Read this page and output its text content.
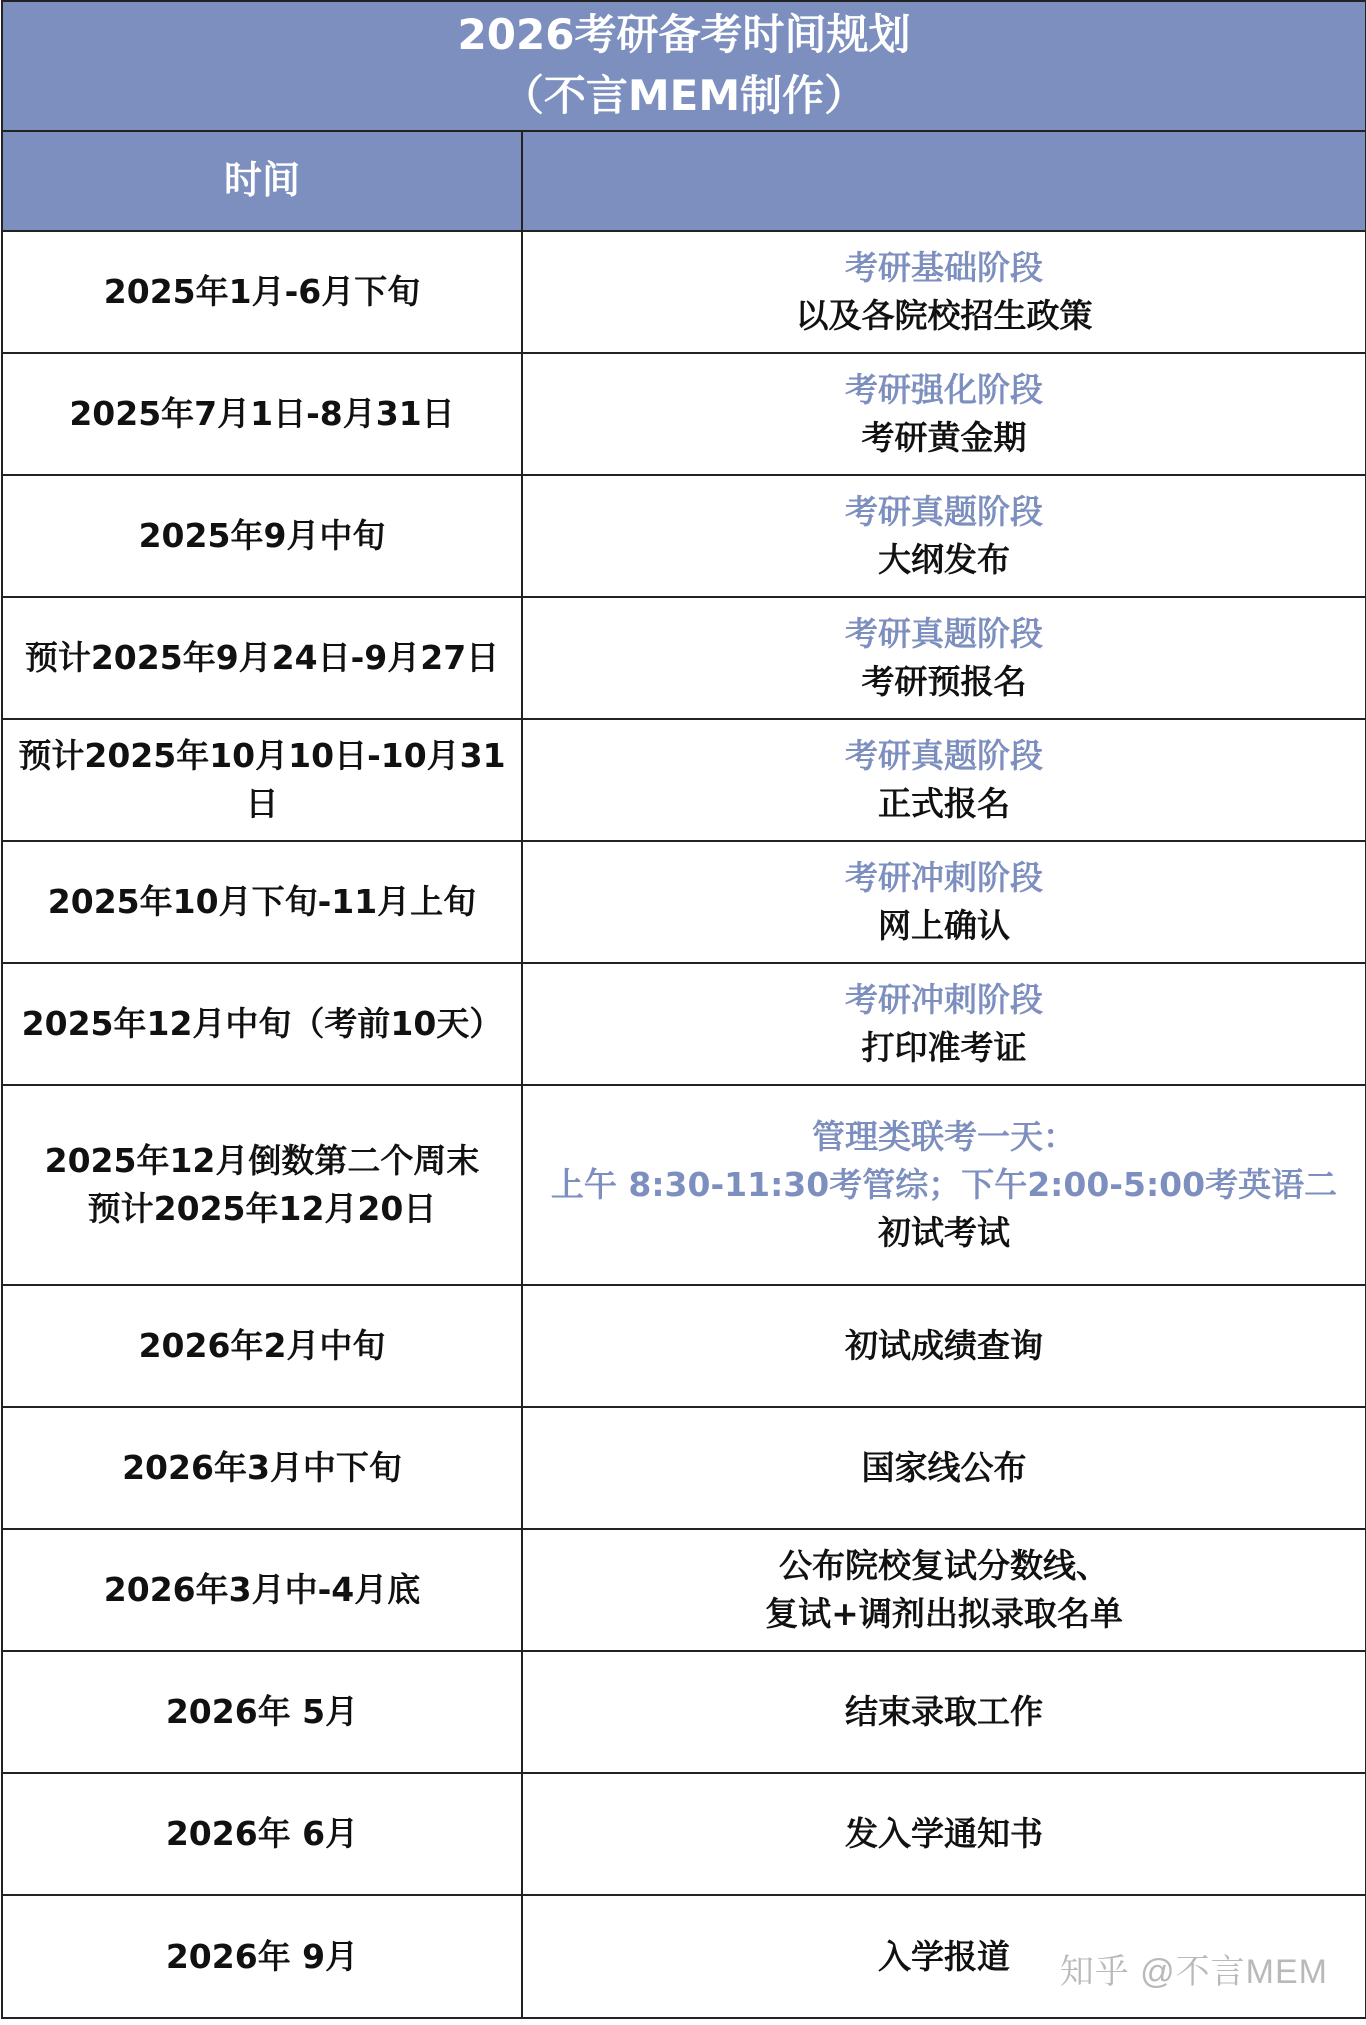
2026考研备考时间规划
（不言MEM制作）	

时间	

2025年1月-6月下旬	考研基础阶段
以及各院校招生政策

2025年7月1日-8月31日	考研强化阶段
考研黄金期

2025年9月中旬	考研真题阶段
大纲发布

预计2025年9月24日-9月27日	考研真题阶段
考研预报名

预计2025年10月10日-10月31日	考研真题阶段
正式报名

2025年10月下旬-11月上旬	考研冲刺阶段
网上确认

2025年12月中旬（考前10天）	考研冲刺阶段
打印准考证

2025年12月倒数第二个周末
预计2025年12月20日	管理类联考一天：
上午 8:30-11:30考管综；下午2:00-5:00考英语二
初试考试

2026年2月中旬	初试成绩查询

2026年3月中下旬	国家线公布

2026年3月中-4月底	公布院校复试分数线、
复试+调剂出拟录取名单

2026年 5月	结束录取工作

2026年 6月	发入学通知书

2026年 9月	入学报道	知乎 @不言MEM
